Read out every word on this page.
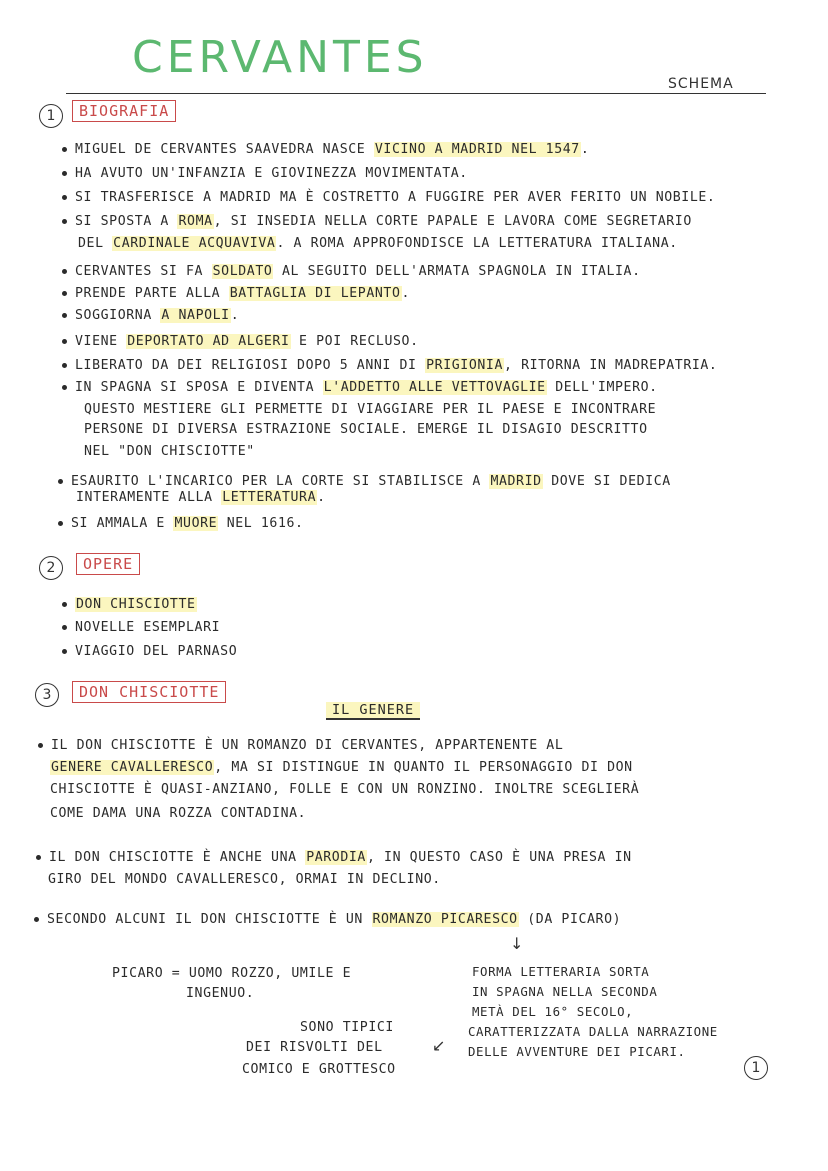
CERVANTES
SCHEMA
1	BIOGRAFIA
MIGUEL DE CERVANTES SAAVEDRA NASCE VICINO A MADRID NEL 1547.
HA AVUTO UN'INFANZIA E GIOVINEZZA MOVIMENTATA.
SI TRASFERISCE A MADRID MA È COSTRETTO A FUGGIRE PER AVER FERITO UN NOBILE.
SI SPOSTA A ROMA, SI INSEDIA NELLA CORTE PAPALE E LAVORA COME SEGRETARIO
DEL CARDINALE ACQUAVIVA. A ROMA APPROFONDISCE LA LETTERATURA ITALIANA.
CERVANTES SI FA SOLDATO AL SEGUITO DELL'ARMATA SPAGNOLA IN ITALIA.
PRENDE PARTE ALLA BATTAGLIA DI LEPANTO.
SOGGIORNA A NAPOLI.
VIENE DEPORTATO AD ALGERI E POI RECLUSO.
LIBERATO DA DEI RELIGIOSI DOPO 5 ANNI DI PRIGIONIA, RITORNA IN MADREPATRIA.
IN SPAGNA SI SPOSA E DIVENTA L'ADDETTO ALLE VETTOVAGLIE DELL'IMPERO.
QUESTO MESTIERE GLI PERMETTE DI VIAGGIARE PER IL PAESE E INCONTRARE
PERSONE DI DIVERSA ESTRAZIONE SOCIALE. EMERGE IL DISAGIO DESCRITTO
NEL "DON CHISCIOTTE"
ESAURITO L'INCARICO PER LA CORTE SI STABILISCE A MADRID DOVE SI DEDICA
INTERAMENTE ALLA LETTERATURA.
SI AMMALA E MUORE NEL 1616.
2	OPERE
DON CHISCIOTTE
NOVELLE ESEMPLARI
VIAGGIO DEL PARNASO
3	DON CHISCIOTTE
IL GENERE
IL DON CHISCIOTTE È UN ROMANZO DI CERVANTES, APPARTENENTE AL
GENERE CAVALLERESCO, MA SI DISTINGUE IN QUANTO IL PERSONAGGIO DI DON
CHISCIOTTE È QUASI-ANZIANO, FOLLE E CON UN RONZINO. INOLTRE SCEGLIERÀ
COME DAMA UNA ROZZA CONTADINA.
IL DON CHISCIOTTE È ANCHE UNA PARODIA, IN QUESTO CASO È UNA PRESA IN
GIRO DEL MONDO CAVALLERESCO, ORMAI IN DECLINO.
SECONDO ALCUNI IL DON CHISCIOTTE È UN ROMANZO PICARESCO (DA PICARO)
↓
PICARO = UOMO ROZZO, UMILE E
INGENUO.
FORMA LETTERARIA SORTA
IN SPAGNA NELLA SECONDA
METÀ DEL 16° SECOLO,
CARATTERIZZATA DALLA NARRAZIONE
DELLE AVVENTURE DEI PICARI.
SONO TIPICI
DEI RISVOLTI DEL
COMICO E GROTTESCO
↙
1
